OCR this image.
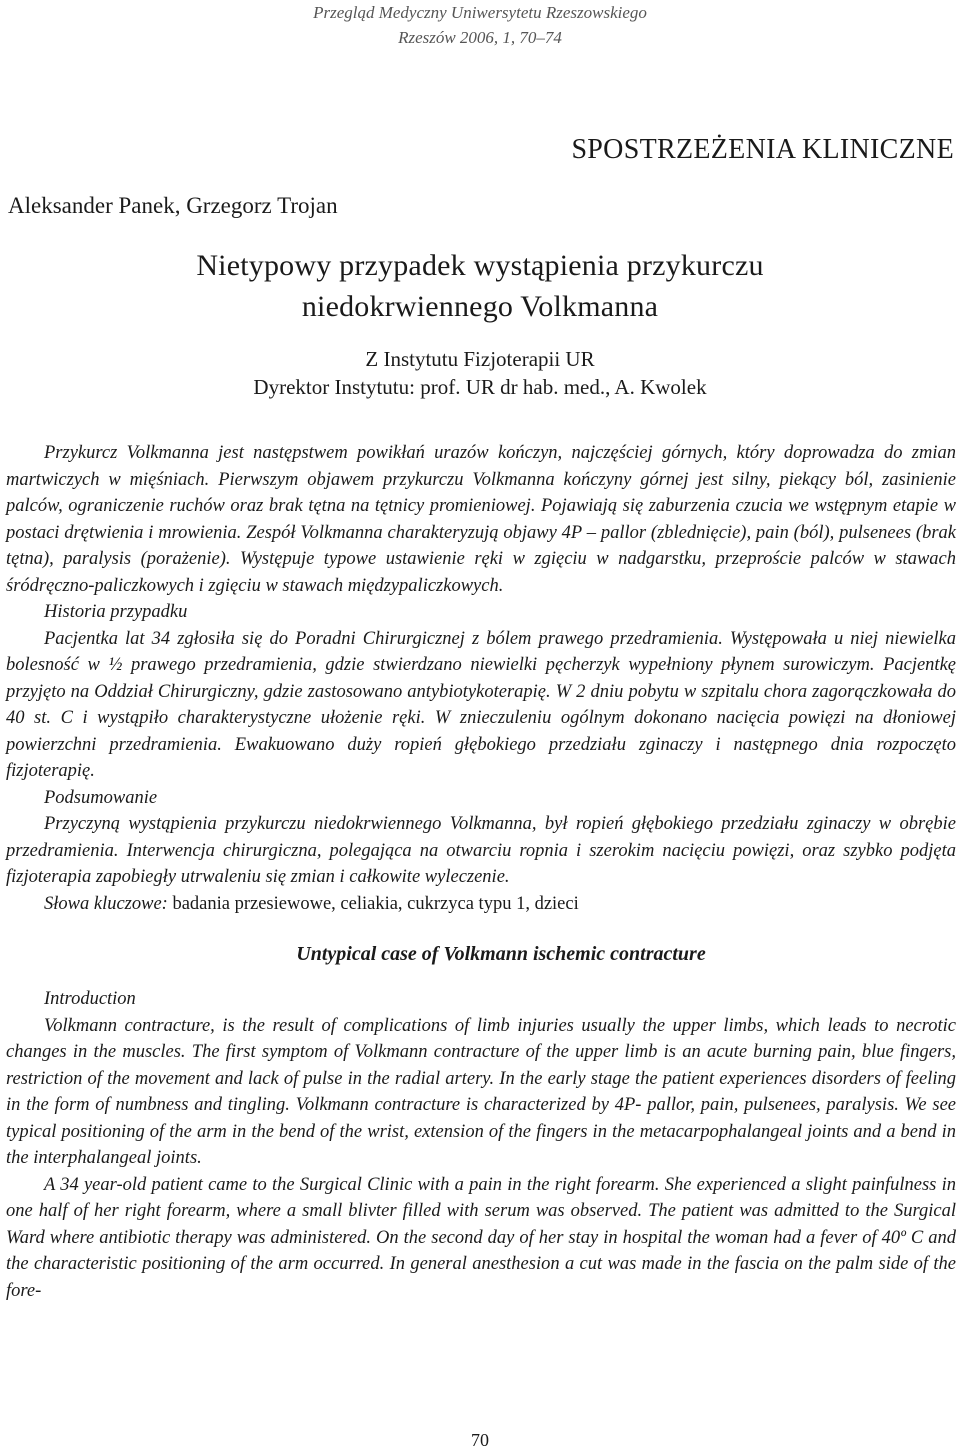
Przegląd Medyczny Uniwersytetu Rzeszowskiego
Rzeszów 2006, 1, 70–74
SPOSTRZEŻENIA KLINICZNE
Aleksander Panek, Grzegorz Trojan
Nietypowy przypadek wystąpienia przykurczu
niedokrwiennego Volkmanna
Z Instytutu Fizjoterapii UR
Dyrektor Instytutu: prof. UR dr hab. med., A. Kwolek

Przykurcz Volkmanna jest następstwem powikłań urazów kończyn, najczęściej górnych, który doprowadza do zmian martwiczych w mięśniach. Pierwszym objawem przykurczu Volkmanna kończyny górnej jest silny, piekący ból, zasinienie palców, ograniczenie ruchów oraz brak tętna na tętnicy promieniowej. Pojawiają się zaburzenia czucia we wstępnym etapie w postaci drętwienia i mrowienia. Zespół Volkmanna charakteryzują objawy 4P – pallor (zblednięcie), pain (ból), pulsenees (brak tętna), paralysis (porażenie). Występuje typowe ustawienie ręki w zgięciu w nadgarstku, przeproście palców w stawach śródręczno-paliczkowych i zgięciu w stawach międzypaliczkowych.

Historia przypadku

Pacjentka lat 34 zgłosiła się do Poradni Chirurgicznej z bólem prawego przedramienia. Występowała u niej niewielka bolesność w ½ prawego przedramienia, gdzie stwierdzano niewielki pęcherzyk wypełniony płynem surowiczym. Pacjentkę przyjęto na Oddział Chirurgiczny, gdzie zastosowano antybiotykoterapię. W 2 dniu pobytu w szpitalu chora zagorączkowała do 40 st. C i wystąpiło charakterystyczne ułożenie ręki. W znieczuleniu ogólnym dokonano nacięcia powięzi na dłoniowej powierzchni przedramienia. Ewakuowano duży ropień głębokiego przedziału zginaczy i następnego dnia rozpoczęto fizjoterapię.

Podsumowanie

Przyczyną wystąpienia przykurczu niedokrwiennego Volkmanna, był ropień głębokiego przedziału zginaczy w obrębie przedramienia. Interwencja chirurgiczna, polegająca na otwarciu ropnia i szerokim nacięciu powięzi, oraz szybko podjęta fizjoterapia zapobiegły utrwaleniu się zmian i całkowite wyleczenie.

Słowa kluczowe: badania przesiewowe, celiakia, cukrzyca typu 1, dzieci

Untypical case of Volkmann ischemic contracture

Introduction

Volkmann contracture, is the result of complications of limb injuries usually the upper limbs, which leads to necrotic changes in the muscles. The first symptom of Volkmann contracture of the upper limb is an acute burning pain, blue fingers, restriction of the movement and lack of pulse in the radial artery. In the early stage the patient experiences disorders of feeling in the form of numbness and tingling. Volkmann contracture is characterized by 4P- pallor, pain, pulsenees, paralysis. We see typical positioning of the arm in the bend of the wrist, extension of the fingers in the metacarpophalangeal joints and a bend in the interphalangeal joints.

A 34 year-old patient came to the Surgical Clinic with a pain in the right forearm. She experienced a slight painfulness in one half of her right forearm, where a small blivter filled with serum was observed. The patient was admitted to the Surgical Ward where antibiotic therapy was administered. On the second day of her stay in hospital the woman had a fever of 40º C and the characteristic positioning of the arm occurred. In general anesthesion a cut was made in the fascia on the palm side of the fore-

70
